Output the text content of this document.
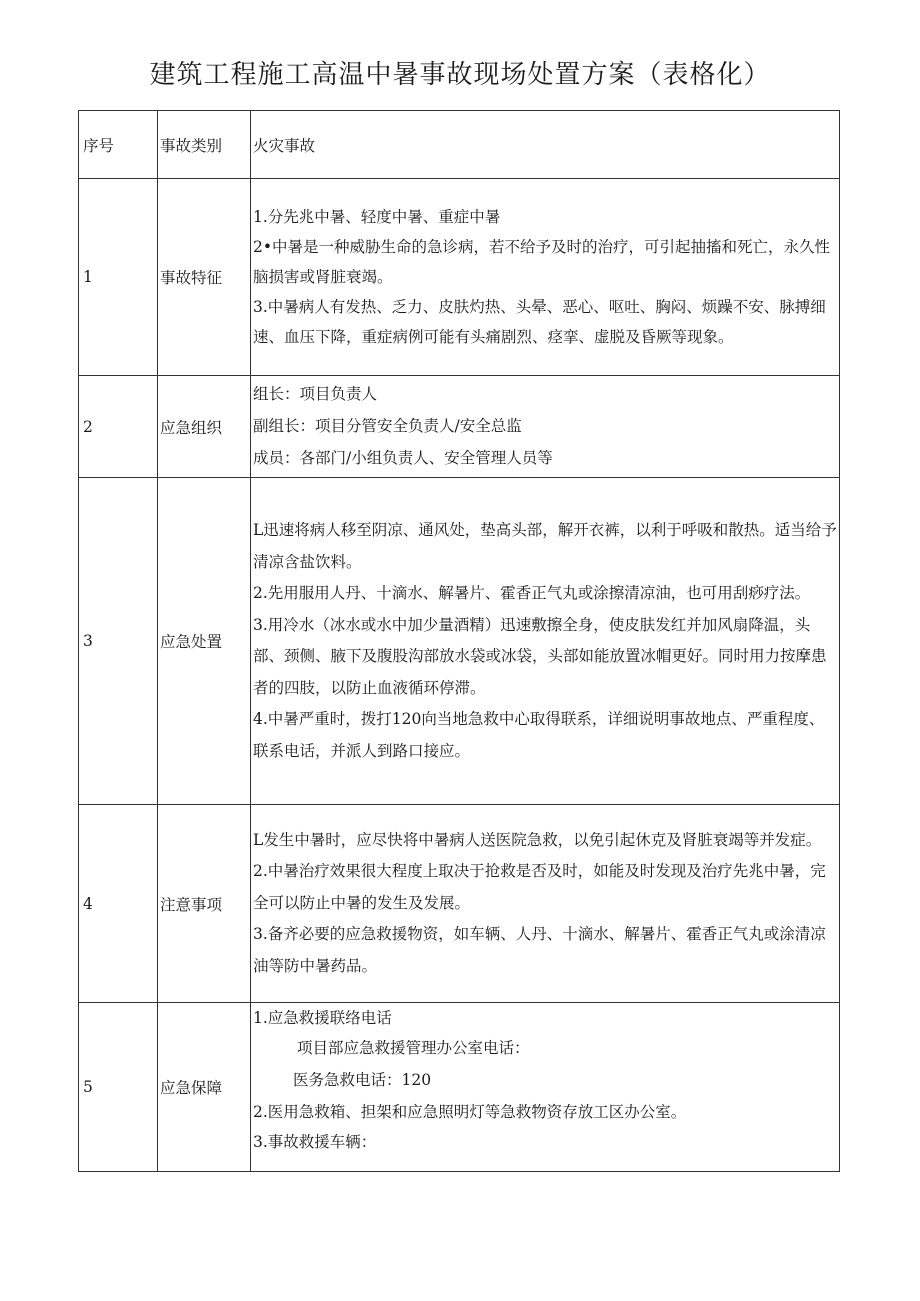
建筑工程施工高温中暑事故现场处置方案（表格化）
序号	事故类别	火灾事故
1	事故特征	1.分先兆中暑、轻度中暑、重症中暑
2•中暑是一种威胁生命的急诊病，若不给予及时的治疗，可引起抽搐和死亡，永久性脑损害或肾脏衰竭。
3.中暑病人有发热、乏力、皮肤灼热、头晕、恶心、呕吐、胸闷、烦躁不安、脉搏细速、血压下降，重症病例可能有头痛剧烈、痉挛、虚脱及昏厥等现象。

2	应急组织	组长：项目负责人
副组长：项目分管安全负责人/安全总监
成员：各部门/小组负责人、安全管理人员等

3	应急处置	L迅速将病人移至阴凉、通风处，垫高头部，解开衣裤，以利于呼吸和散热。适当给予清凉含盐饮料。
2.先用服用人丹、十滴水、解暑片、霍香正气丸或涂擦清凉油，也可用刮痧疗法。
3.用冷水（冰水或水中加少量酒精）迅速敷擦全身，使皮肤发红并加风扇降温，头部、颈侧、腋下及腹股沟部放水袋或冰袋，头部如能放置冰帽更好。同时用力按摩患者的四肢，以防止血液循环停滞。
4.中暑严重时，拨打120向当地急救中心取得联系，详细说明事故地点、严重程度、联系电话，并派人到路口接应。

4	注意事项	L发生中暑时，应尽快将中暑病人送医院急救，以免引起休克及肾脏衰竭等并发症。
2.中暑治疗效果很大程度上取决于抢救是否及时，如能及时发现及治疗先兆中暑，完全可以防止中暑的发生及发展。
3.备齐必要的应急救援物资，如车辆、人丹、十滴水、解暑片、霍香正气丸或涂清凉油等防中暑药品。

5	应急保障	1.应急救援联络电话
项目部应急救援管理办公室电话：
医务急救电话：120
2.医用急救箱、担架和应急照明灯等急救物资存放工区办公室。
3.事故救援车辆：
